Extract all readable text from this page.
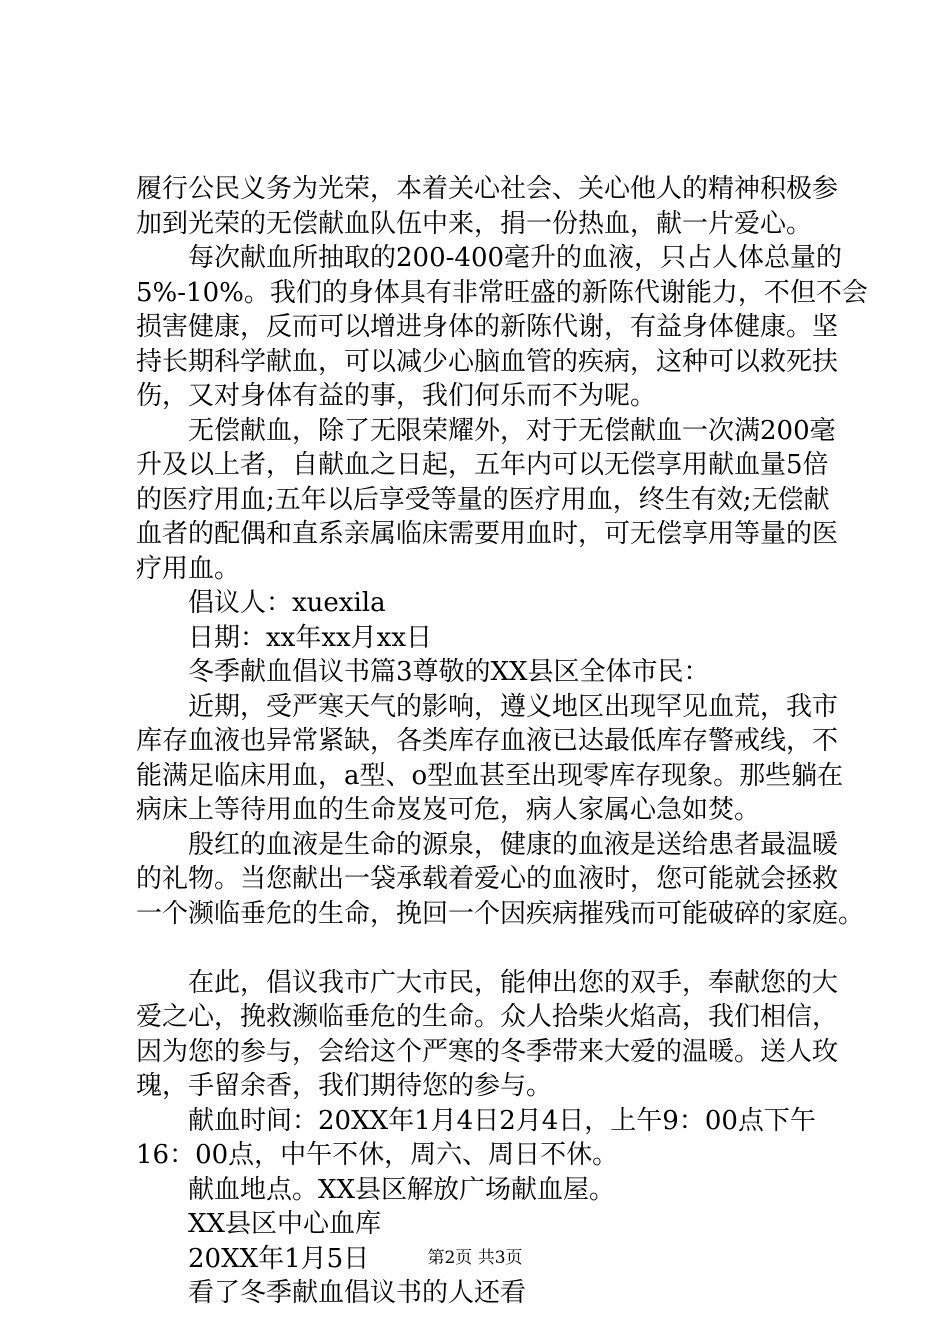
履行公民义务为光荣，本着关心社会、关心他人的精神积极参
加到光荣的无偿献血队伍中来，捐一份热血，献一片爱心。
　　每次献血所抽取的200-400毫升的血液，只占人体总量的
5%-10%。我们的身体具有非常旺盛的新陈代谢能力，不但不会
损害健康，反而可以增进身体的新陈代谢，有益身体健康。坚
持长期科学献血，可以减少心脑血管的疾病，这种可以救死扶
伤，又对身体有益的事，我们何乐而不为呢。
　　无偿献血，除了无限荣耀外，对于无偿献血一次满200毫
升及以上者，自献血之日起，五年内可以无偿享用献血量5倍
的医疗用血;五年以后享受等量的医疗用血，终生有效;无偿献
血者的配偶和直系亲属临床需要用血时，可无偿享用等量的医
疗用血。
　　倡议人：xuexila
　　日期：xx年xx月xx日
　　冬季献血倡议书篇3尊敬的XX县区全体市民：
　　近期，受严寒天气的影响，遵义地区出现罕见血荒，我市
库存血液也异常紧缺，各类库存血液已达最低库存警戒线，不
能满足临床用血，a型、o型血甚至出现零库存现象。那些躺在
病床上等待用血的生命岌岌可危，病人家属心急如焚。
　　殷红的血液是生命的源泉，健康的血液是送给患者最温暖
的礼物。当您献出一袋承载着爱心的血液时，您可能就会拯救
一个濒临垂危的生命，挽回一个因疾病摧残而可能破碎的家庭。
　　在此，倡议我市广大市民，能伸出您的双手，奉献您的大
爱之心，挽救濒临垂危的生命。众人拾柴火焰高，我们相信，
因为您的参与，会给这个严寒的冬季带来大爱的温暖。送人玫
瑰，手留余香，我们期待您的参与。
　　献血时间：20XX年1月4日2月4日，上午9：00点下午
16：00点，中午不休，周六、周日不休。
　　献血地点。XX县区解放广场献血屋。
　　XX县区中心血库
　　20XX年1月5日
　　看了冬季献血倡议书的人还看
第2页 共3页
